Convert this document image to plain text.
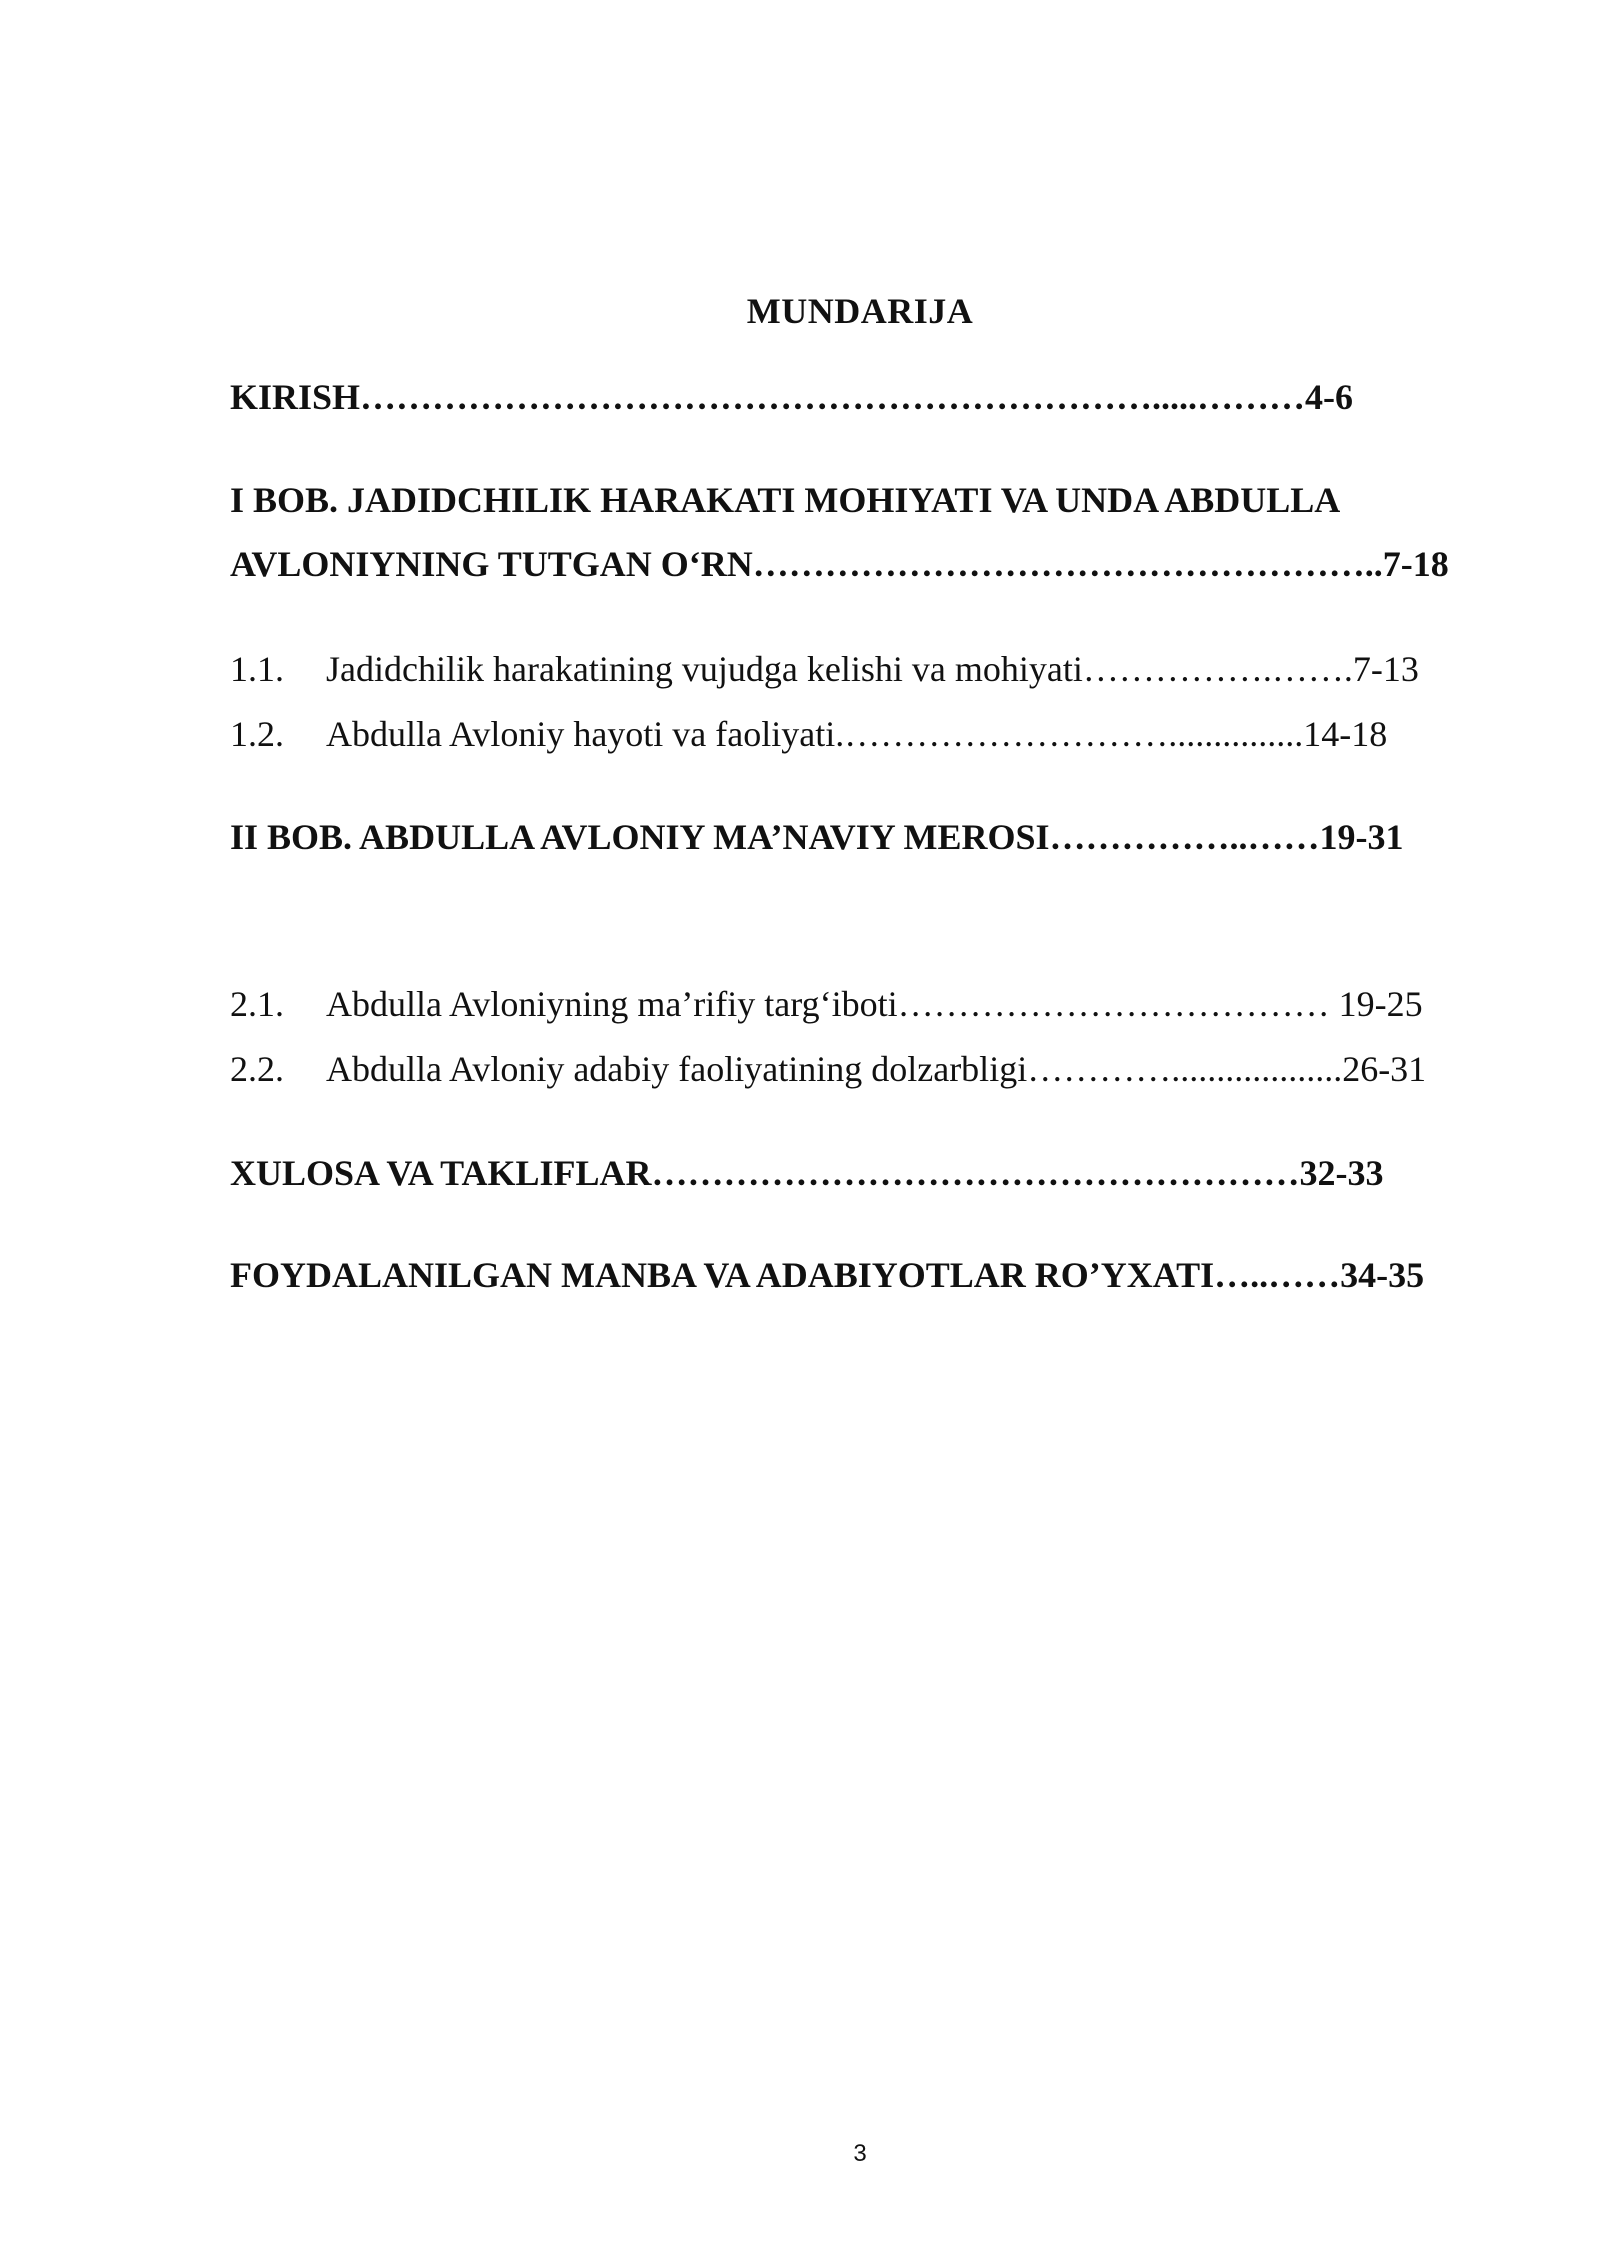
MUNDARIJA
KIRISH………………………………………………………….....………4-6
I BOB. JADIDCHILIK HARAKATI MOHIYATI VA UNDA ABDULLA
AVLONIYNING TUTGAN O‘RN……………………………………………..7-18
1.1. Jadidchilik harakatining vujudga kelishi va mohiyati…………….…….7-13
1.2. Abdulla Avloniy hayoti va faoliyati.………………………...............14-18
II BOB. ABDULLA AVLONIY MA’NAVIY MEROSI……………..……19-31
2.1. Abdulla Avloniyning ma’rifiy targ‘iboti……………………………… 19-25
2.2. Abdulla Avloniy adabiy faoliyatining dolzarbligi…………...................26-31
XULOSA VA TAKLIFLAR………………………………………………32-33
FOYDALANILGAN MANBA VA ADABIYOTLAR RO’YXATI…..……34-35
3
